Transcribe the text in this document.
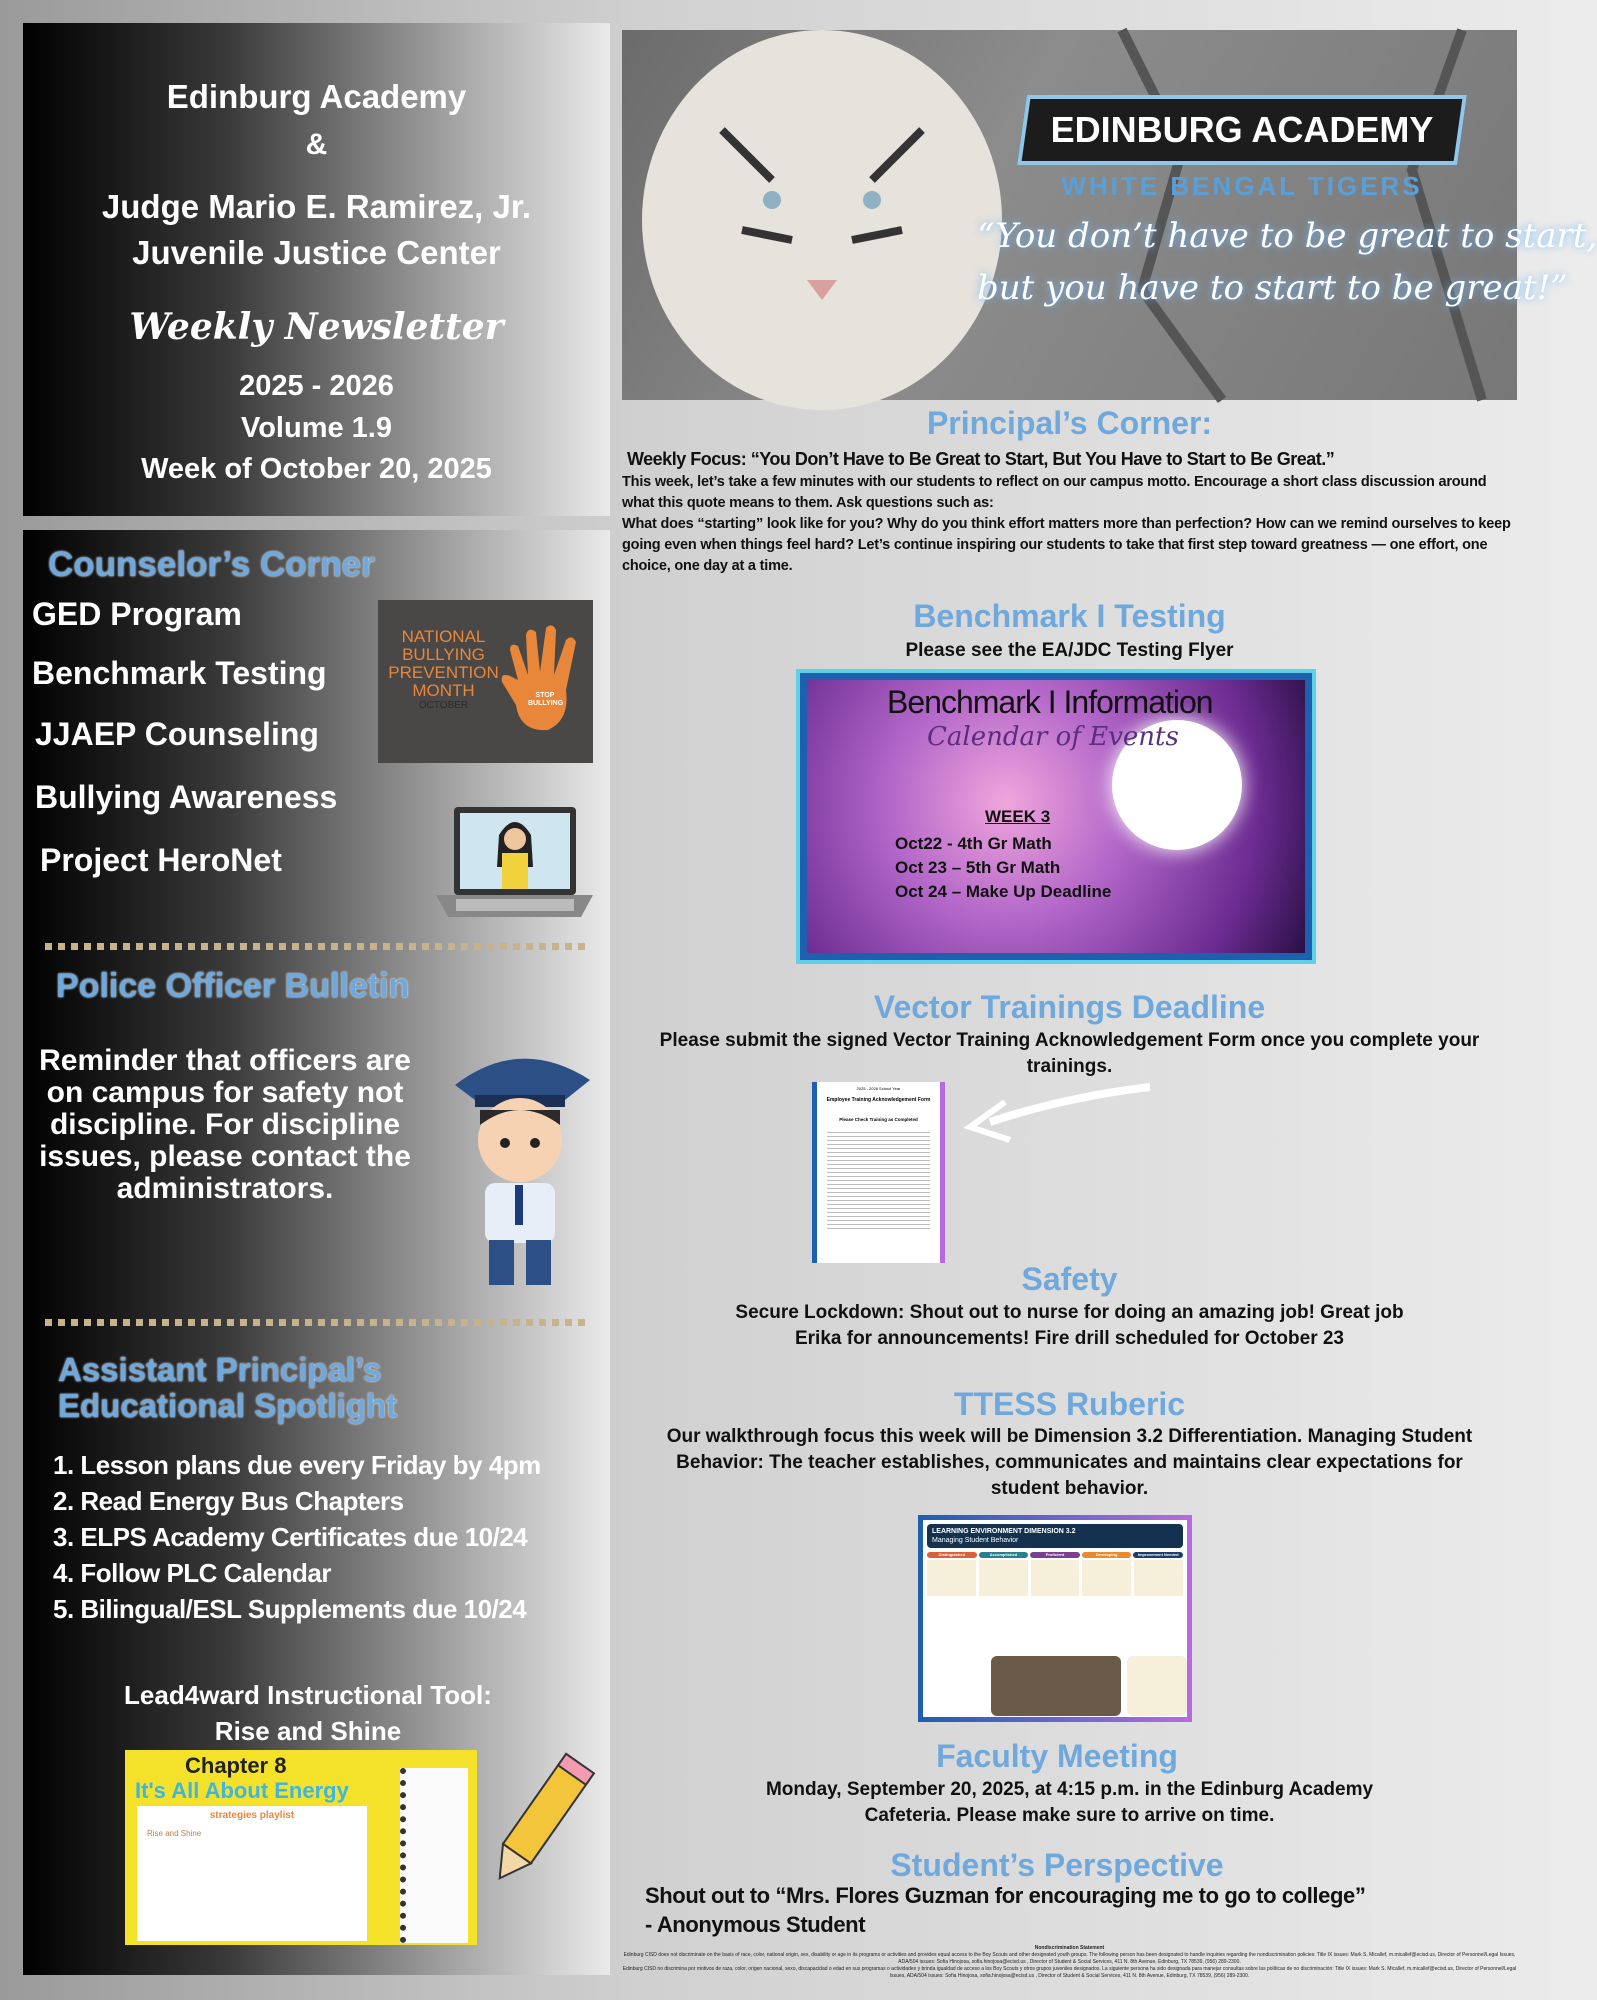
Edinburg Academy
&
Judge Mario E. Ramirez, Jr.
Juvenile Justice Center
Weekly Newsletter
2025 - 2026
Volume 1.9
Week of October 20, 2025
Counselor’s Corner
GED Program
Benchmark Testing
JJAEP Counseling
Bullying Awareness
Project HeroNet
NATIONAL
BULLYING
PREVENTION
MONTH
OCTOBER
STOP BULLYING
Police Officer Bulletin
Reminder that officers are on campus for safety not discipline. For discipline issues, please contact the administrators.
Assistant Principal’s
Educational Spotlight
1. Lesson plans due every Friday by 4pm
2. Read Energy Bus Chapters
3. ELPS Academy Certificates due 10/24
4. Follow PLC Calendar
5. Bilingual/ESL Supplements due 10/24
Lead4ward Instructional Tool:
Rise and Shine
Chapter 8
It's All About Energy
strategies playlist
Rise and Shine
EDINBURG ACADEMY
WHITE BENGAL TIGERS
“You don’t have to be great to start,
but you have to start to be great!”
Principal’s Corner:
Weekly Focus: “You Don’t Have to Be Great to Start, But You Have to Start to Be Great.”
This week, let’s take a few minutes with our students to reflect on our campus motto. Encourage a short class discussion around what this quote means to them. Ask questions such as:
What does “starting” look like for you? Why do you think effort matters more than perfection? How can we remind ourselves to keep going even when things feel hard? Let’s continue inspiring our students to take that first step toward greatness — one effort, one choice, one day at a time.
Benchmark I Testing
Please see the EA/JDC Testing Flyer
Benchmark I Information
Calendar of Events
WEEK 3
Oct22 - 4th Gr Math
Oct 23 – 5th Gr Math
Oct 24 – Make Up Deadline
Vector Trainings Deadline
Please submit the signed Vector Training Acknowledgement Form once you complete your trainings.
2025 - 2026 School Year
Employee Training Acknowledgement Form
Please Check Training as Completed
Safety
Secure Lockdown: Shout out to nurse for doing an amazing job! Great job Erika for announcements! Fire drill scheduled for October 23
TTESS Ruberic
Our walkthrough focus this week will be Dimension 3.2 Differentiation. Managing Student Behavior: The teacher establishes, communicates and maintains clear expectations for student behavior.
LEARNING ENVIRONMENT DIMENSION 3.2
Managing Student Behavior
Distinguished	Accomplished	Proficient	Developing	Improvement Needed
Faculty Meeting
Monday, September 20, 2025, at 4:15 p.m. in the Edinburg Academy Cafeteria. Please make sure to arrive on time.
Student’s Perspective
Shout out to “Mrs. Flores Guzman for encouraging me to go to college”
- Anonymous Student
Nondiscrimination Statement
Edinburg CISD does not discriminate on the basis of race, color, national origin, sex, disability or age in its programs or activities and provides equal access to the Boy Scouts and other designated youth groups. The following person has been designated to handle inquiries regarding the nondiscrimination policies: Title IX issues: Mark S. Micallef, m.micallef@ecisd.us, Director of Personnel/Legal Issues, ADA/504 issues: Sofia Hinojosa, sofia.hinojosa@ecisd.us , Director of Student & Social Services, 411 N. 8th Avenue, Edinburg, TX 78539, (956) 289-2300.
Edinburg CISD no discrimina por motivos de raza, color, origen nacional, sexo, discapacidad o edad en sus programas o actividades y brinda igualdad de acceso a los Boy Scouts y otros grupos juveniles designados. La siguiente persona ha sido designada para manejar consultas sobre las políticas de no discriminación: Title IX issues: Mark S. Micallef, m.micallef@ecisd.us, Director of Personnel/Legal Issues, ADA/504 issues: Sofia Hinojosa, sofia.hinojosa@ecisd.us , Director of Student & Social Services, 411 N. 8th Avenue, Edinburg, TX 78539, (956) 289-2300.
